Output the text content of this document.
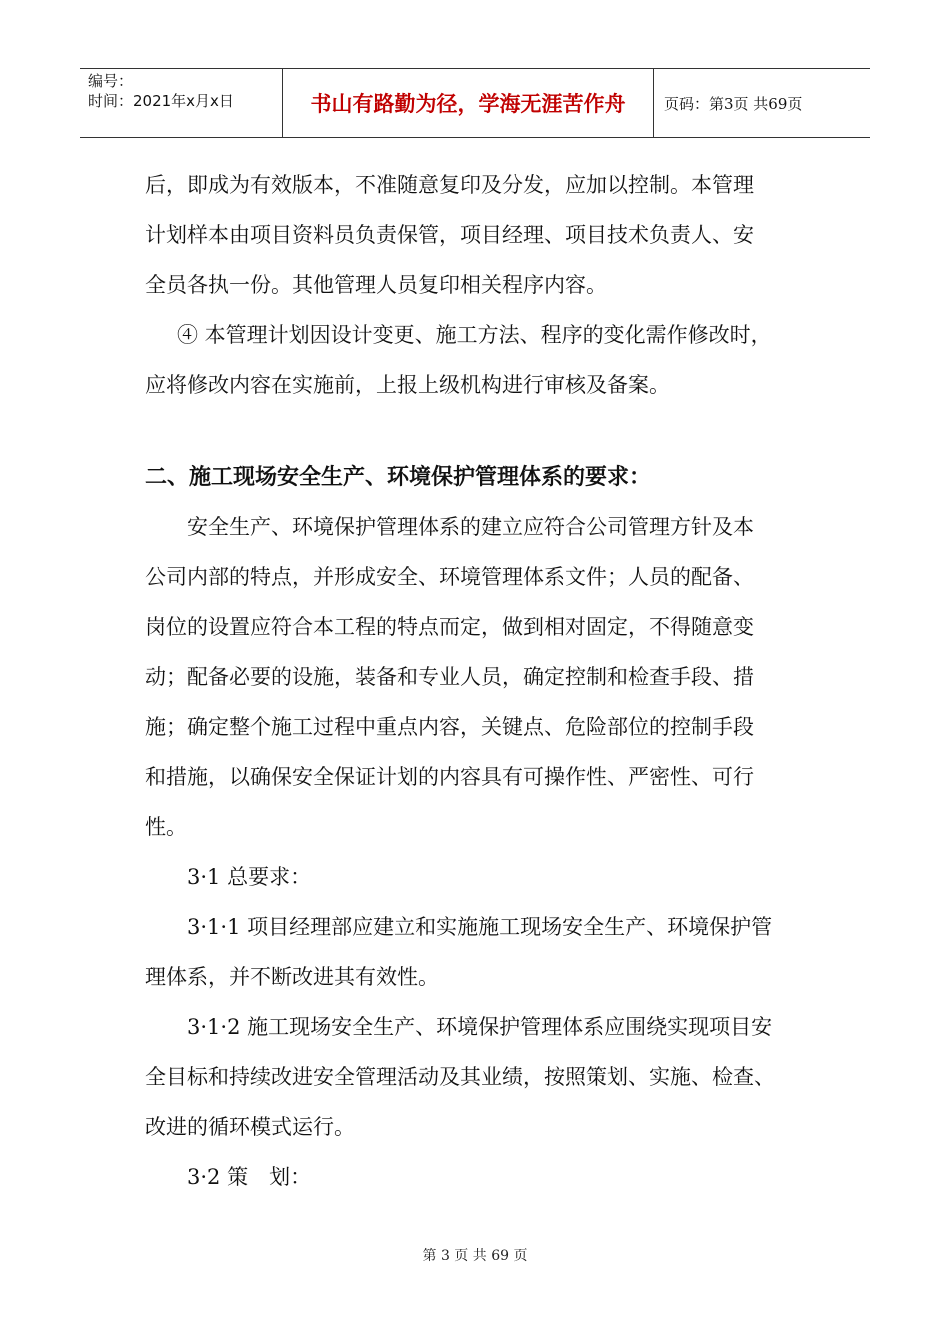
编号：
时间：2021年x月x日	书山有路勤为径，学海无涯苦作舟	页码：第3页 共69页

后，即成为有效版本，不准随意复印及分发，应加以控制。本管理

计划样本由项目资料员负责保管，项目经理、项目技术负责人、安

全员各执一份。其他管理人员复印相关程序内容。

④ 本管理计划因设计变更、施工方法、程序的变化需作修改时，

应将修改内容在实施前，上报上级机构进行审核及备案。

二、施工现场安全生产、环境保护管理体系的要求：

安全生产、环境保护管理体系的建立应符合公司管理方针及本

公司内部的特点，并形成安全、环境管理体系文件；人员的配备、

岗位的设置应符合本工程的特点而定，做到相对固定，不得随意变

动；配备必要的设施，装备和专业人员，确定控制和检查手段、措

施；确定整个施工过程中重点内容，关键点、危险部位的控制手段

和措施，以确保安全保证计划的内容具有可操作性、严密性、可行

性。

3·1 总要求：

3·1·1 项目经理部应建立和实施施工现场安全生产、环境保护管

理体系，并不断改进其有效性。

3·1·2 施工现场安全生产、环境保护管理体系应围绕实现项目安

全目标和持续改进安全管理活动及其业绩，按照策划、实施、检查、

改进的循环模式运行。

3·2 策　划：

第 3 页 共 69 页
